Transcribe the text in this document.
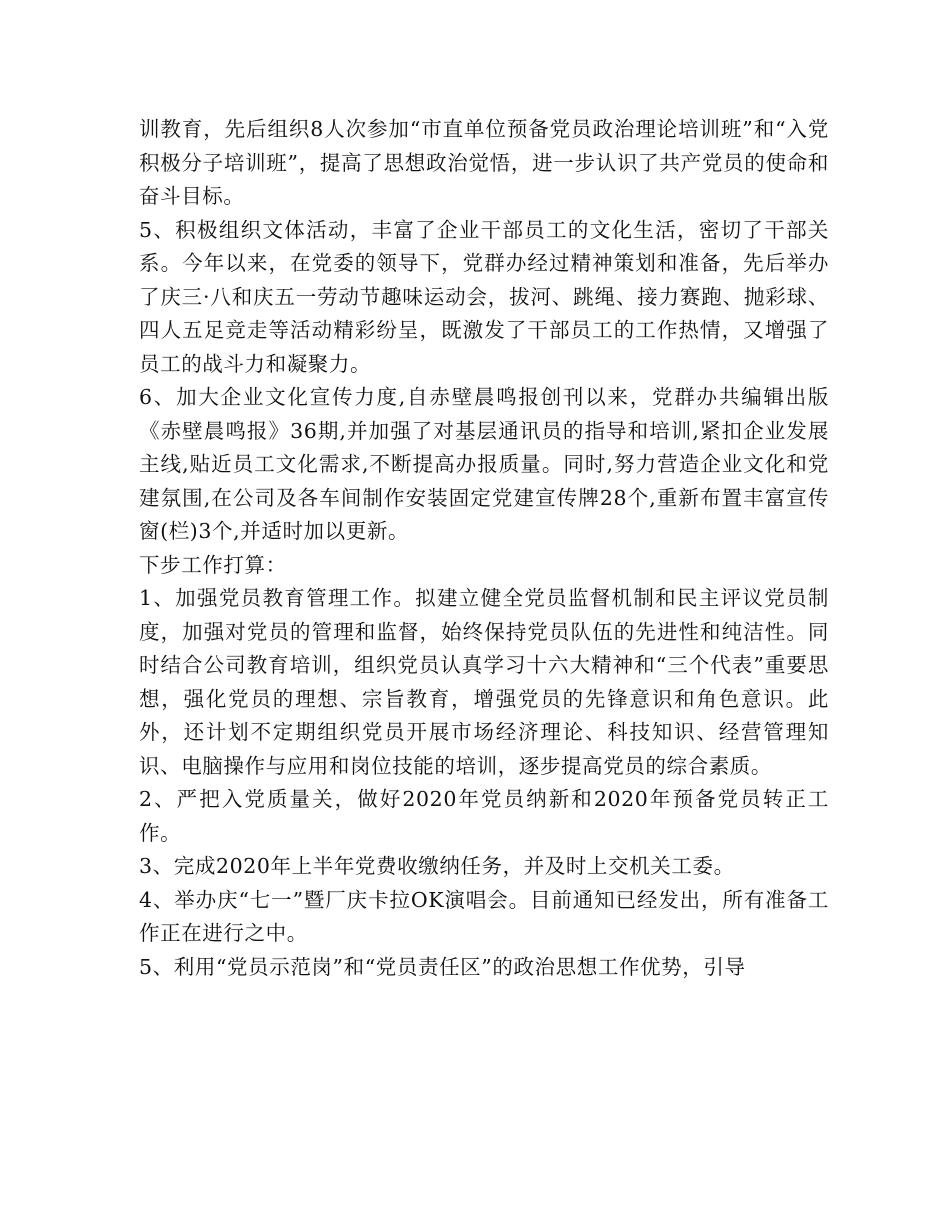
训教育，先后组织8人次参加“市直单位预备党员政治理论培训班”和“入党积极分子培训班”，提高了思想政治觉悟，进一步认识了共产党员的使命和奋斗目标。

5、积极组织文体活动，丰富了企业干部员工的文化生活，密切了干部关系。今年以来，在党委的领导下，党群办经过精神策划和准备，先后举办了庆三·八和庆五一劳动节趣味运动会，拔河、跳绳、接力赛跑、抛彩球、四人五足竞走等活动精彩纷呈，既激发了干部员工的工作热情，又增强了员工的战斗力和凝聚力。

6、加大企业文化宣传力度,自赤壁晨鸣报创刊以来，党群办共编辑出版《赤壁晨鸣报》36期,并加强了对基层通讯员的指导和培训,紧扣企业发展主线,贴近员工文化需求,不断提高办报质量。同时,努力营造企业文化和党建氛围,在公司及各车间制作安装固定党建宣传牌28个,重新布置丰富宣传窗(栏)3个,并适时加以更新。

下步工作打算：

1、加强党员教育管理工作。拟建立健全党员监督机制和民主评议党员制度，加强对党员的管理和监督，始终保持党员队伍的先进性和纯洁性。同时结合公司教育培训，组织党员认真学习十六大精神和“三个代表”重要思想，强化党员的理想、宗旨教育，增强党员的先锋意识和角色意识。此外，还计划不定期组织党员开展市场经济理论、科技知识、经营管理知识、电脑操作与应用和岗位技能的培训，逐步提高党员的综合素质。

2、严把入党质量关，做好2020年党员纳新和2020年预备党员转正工作。

3、完成2020年上半年党费收缴纳任务，并及时上交机关工委。

4、举办庆“七一”暨厂庆卡拉OK演唱会。目前通知已经发出，所有准备工作正在进行之中。

5、利用“党员示范岗”和“党员责任区”的政治思想工作优势，引导
